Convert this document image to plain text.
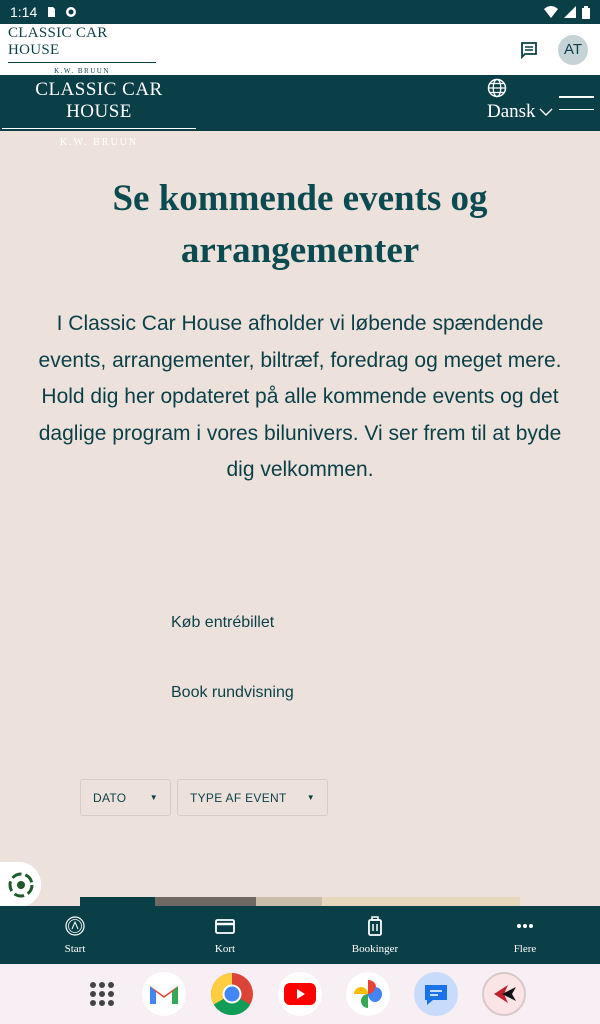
1:14
CLASSIC CAR HOUSE
K.W. BRUUN
AT
CLASSIC CAR HOUSE
K.W. BRUUN
Dansk
Se kommende events og arrangementer

I Classic Car House afholder vi løbende spændende events, arrangementer, biltræf, foredrag og meget mere. Hold dig her opdateret på alle kommende events og det daglige program i vores bilunivers. Vi ser frem til at byde dig velkommen.

Køb entrébillet
Book rundvisning
DATO	▼	TYPE AF EVENT	▼
Start	Kort	Bookinger	Flere
